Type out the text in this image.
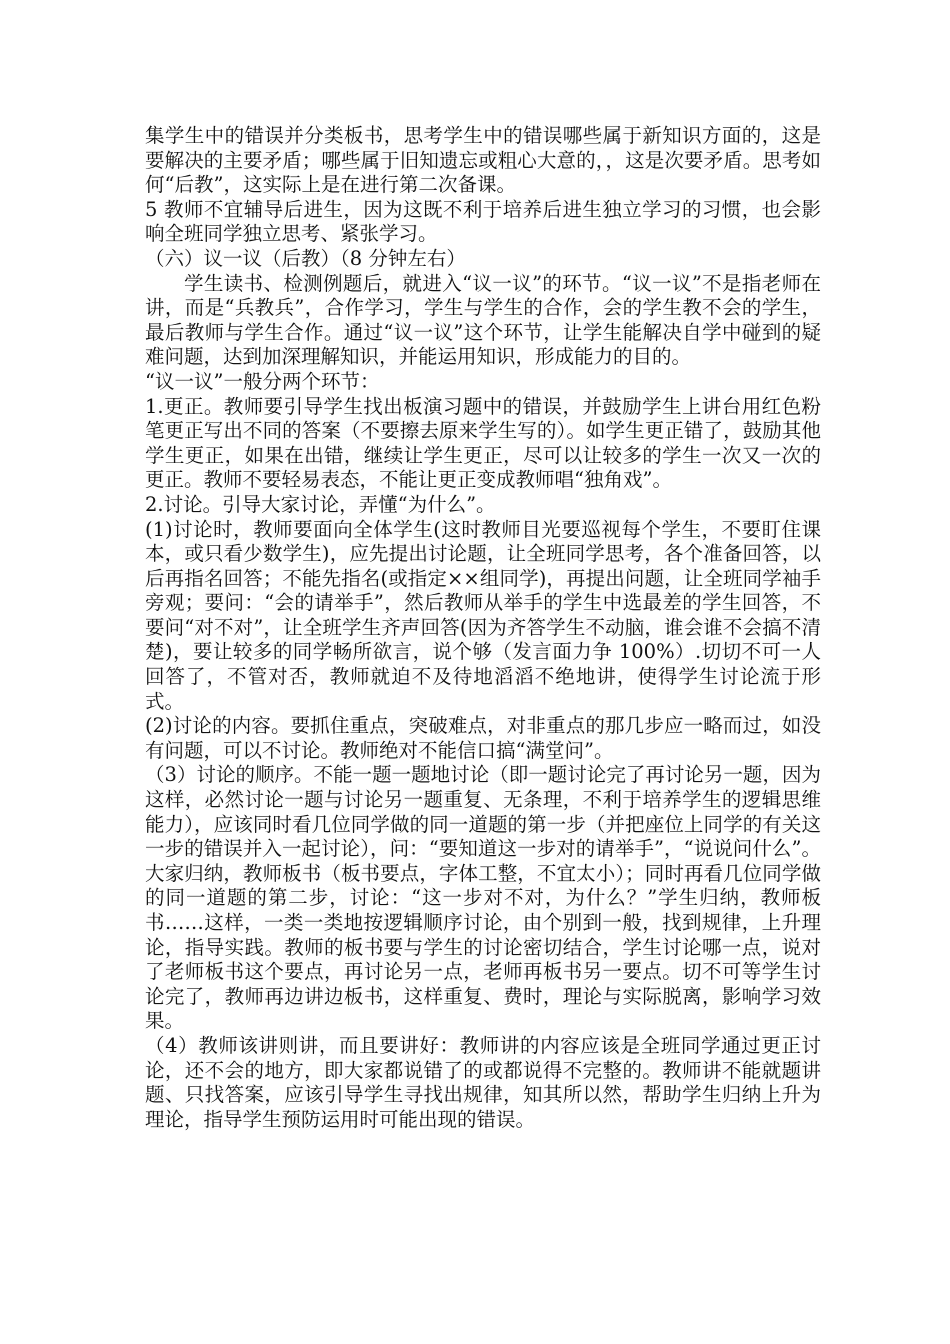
集学生中的错误并分类板书，思考学生中的错误哪些属于新知识方面的，这是要解决的主要矛盾；哪些属于旧知遗忘或粗心大意的，，这是次要矛盾。思考如何“后教”，这实际上是在进行第二次备课。

5 教师不宜辅导后进生，因为这既不利于培养后进生独立学习的习惯，也会影响全班同学独立思考、紧张学习。

（六）议一议（后教）（8 分钟左右）

学生读书、检测例题后，就进入“议一议”的环节。“议一议”不是指老师在讲，而是“兵教兵”，合作学习，学生与学生的合作，会的学生教不会的学生，最后教师与学生合作。通过“议一议”这个环节，让学生能解决自学中碰到的疑难问题，达到加深理解知识，并能运用知识，形成能力的目的。

“议一议”一般分两个环节：

1.更正。教师要引导学生找出板演习题中的错误，并鼓励学生上讲台用红色粉笔更正写出不同的答案（不要擦去原来学生写的）。如学生更正错了，鼓励其他学生更正，如果在出错，继续让学生更正，尽可以让较多的学生一次又一次的更正。教师不要轻易表态，不能让更正变成教师唱“独角戏”。

2.讨论。引导大家讨论，弄懂“为什么”。

(1)讨论时，教师要面向全体学生(这时教师目光要巡视每个学生，不要盯住课本，或只看少数学生)，应先提出讨论题，让全班同学思考，各个准备回答，以后再指名回答；不能先指名(或指定××组同学)，再提出问题，让全班同学袖手旁观；要问：“会的请举手”，然后教师从举手的学生中选最差的学生回答，不要问“对不对”，让全班学生齐声回答(因为齐答学生不动脑，谁会谁不会搞不清楚)，要让较多的同学畅所欲言，说个够（发言面力争 100%）.切切不可一人回答了，不管对否，教师就迫不及待地滔滔不绝地讲，使得学生讨论流于形式。

(2)讨论的内容。要抓住重点，突破难点，对非重点的那几步应一略而过，如没有问题，可以不讨论。教师绝对不能信口搞“满堂问”。

（3）讨论的顺序。不能一题一题地讨论（即一题讨论完了再讨论另一题，因为这样，必然讨论一题与讨论另一题重复、无条理，不利于培养学生的逻辑思维能力），应该同时看几位同学做的同一道题的第一步（并把座位上同学的有关这一步的错误并入一起讨论），问：“要知道这一步对的请举手”，“说说问什么”。大家归纳，教师板书（板书要点，字体工整，不宜太小）；同时再看几位同学做的同一道题的第二步，讨论：“这一步对不对，为什么？”学生归纳，教师板书……这样，一类一类地按逻辑顺序讨论，由个别到一般，找到规律，上升理论，指导实践。教师的板书要与学生的讨论密切结合，学生讨论哪一点，说对了老师板书这个要点，再讨论另一点，老师再板书另一要点。切不可等学生讨论完了，教师再边讲边板书，这样重复、费时，理论与实际脱离，影响学习效果。

（4）教师该讲则讲，而且要讲好：教师讲的内容应该是全班同学通过更正讨论，还不会的地方，即大家都说错了的或都说得不完整的。教师讲不能就题讲题、只找答案，应该引导学生寻找出规律，知其所以然，帮助学生归纳上升为理论，指导学生预防运用时可能出现的错误。
